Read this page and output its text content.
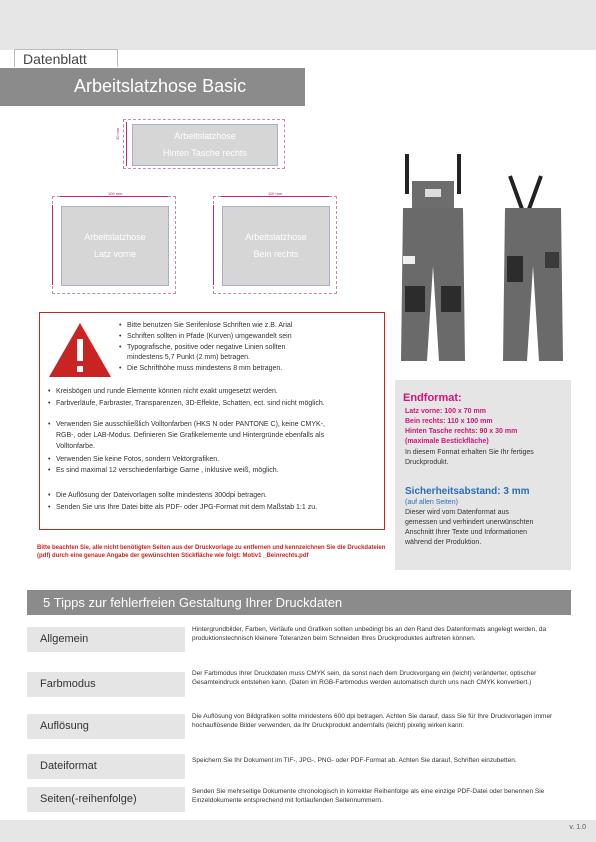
Datenblatt
Arbeitslatzhose Basic
Arbeitslatzhose
Hinten Tasche rechts
30 mm
Arbeitslatzhose
Latz vorne
100 mm
Arbeitslatzhose
Bein rechts
110 mm
• Bitte benutzen Sie Serifenlose Schriften wie z.B. Arial
• Schriften sollten in Pfade (Kurven) umgewandelt sein
• Typografische, positive oder negative Linien sollten
mindestens 5,7 Punkt (2 mm) betragen.
• Die Schrifthöhe muss mindestens 8 mm betragen.
• Kreisbögen und runde Elemente können nicht exakt umgesetzt werden.
• Farbverläufe, Farbraster, Transparenzen, 3D-Effekte, Schatten, ect. sind nicht möglich.
• Verwenden Sie ausschließlich Volltonfarben (HKS N oder PANTONE C), keine CMYK-,
RGB-, oder LAB-Modus. Definieren Sie Grafikelemente und Hintergründe ebenfalls als
Volltonfarbe.
• Verwenden Sie keine Fotos, sondern Vektorgrafiken.
• Es sind maximal 12 verschiedenfarbige Garne , inklusive weiß, möglich.
• Die Auflösung der Dateivorlagen sollte mindestens 300dpi betragen.
• Senden Sie uns Ihre Datei bitte als PDF- oder JPG-Format mit dem Maßstab 1:1 zu.
Bitte beachten Sie, alle nicht benötigten Seiten aus der Druckvorlage zu entfernen und kennzeichnen Sie die Druckdateien (pdf) durch eine genaue Angabe der gewünschten Stickfläche wie folgt: Motiv1 _Beinrechts.pdf
Endformat:
Latz vorne: 100 x 70 mm
Bein rechts: 110 x 100 mm
Hinten Tasche rechts: 90 x 30 mm
(maximale Bestickfläche)
In diesem Format erhalten Sie Ihr fertiges
Druckprodukt.
Sicherheitsabstand: 3 mm
(auf allen Seiten)
Dieser wird vom Datenformat aus
gemessen und verhindert unerwünschten
Anschnitt Ihrer Texte und Informationen
während der Produktion.
5 Tipps zur fehlerfreien Gestaltung Ihrer Druckdaten
Allgemein
Hintergrundbilder, Farben, Verläufe und Grafiken sollten unbedingt bis an den Rand des Datenformats angelegt werden, da produktionstechnisch kleinere Toleranzen beim Schneiden Ihres Druckproduktes auftreten können.
Farbmodus
Der Farbmodus Ihrer Druckdaten muss CMYK sein, da sonst nach dem Druckvorgang ein (leicht) veränderter, optischer Gesamteindruck entstehen kann. (Daten im RGB-Farbmodus werden automatisch durch uns nach CMYK konvertiert.)
Auflösung
Die Auflösung von Bildgrafiken sollte mindestens 600 dpi betragen. Achten Sie darauf, dass Sie für Ihre Druckvorlagen immer hochauflösende Bilder verwenden, da Ihr Druckprodukt andernfalls (leicht) pixelig wirken kann.
Dateiformat	Speichern Sie Ihr Dokument im TIF-, JPG-, PNG- oder PDF-Format ab. Achten Sie darauf, Schriften einzubetten.
Seiten(-reihenfolge)
Senden Sie mehrseitige Dokumente chronologisch in korrekter Reihenfolge als eine einzige PDF-Datei oder benennen Sie Einzeldokumente entsprechend mit fortlaufenden Seitennummern.
v. 1.0
